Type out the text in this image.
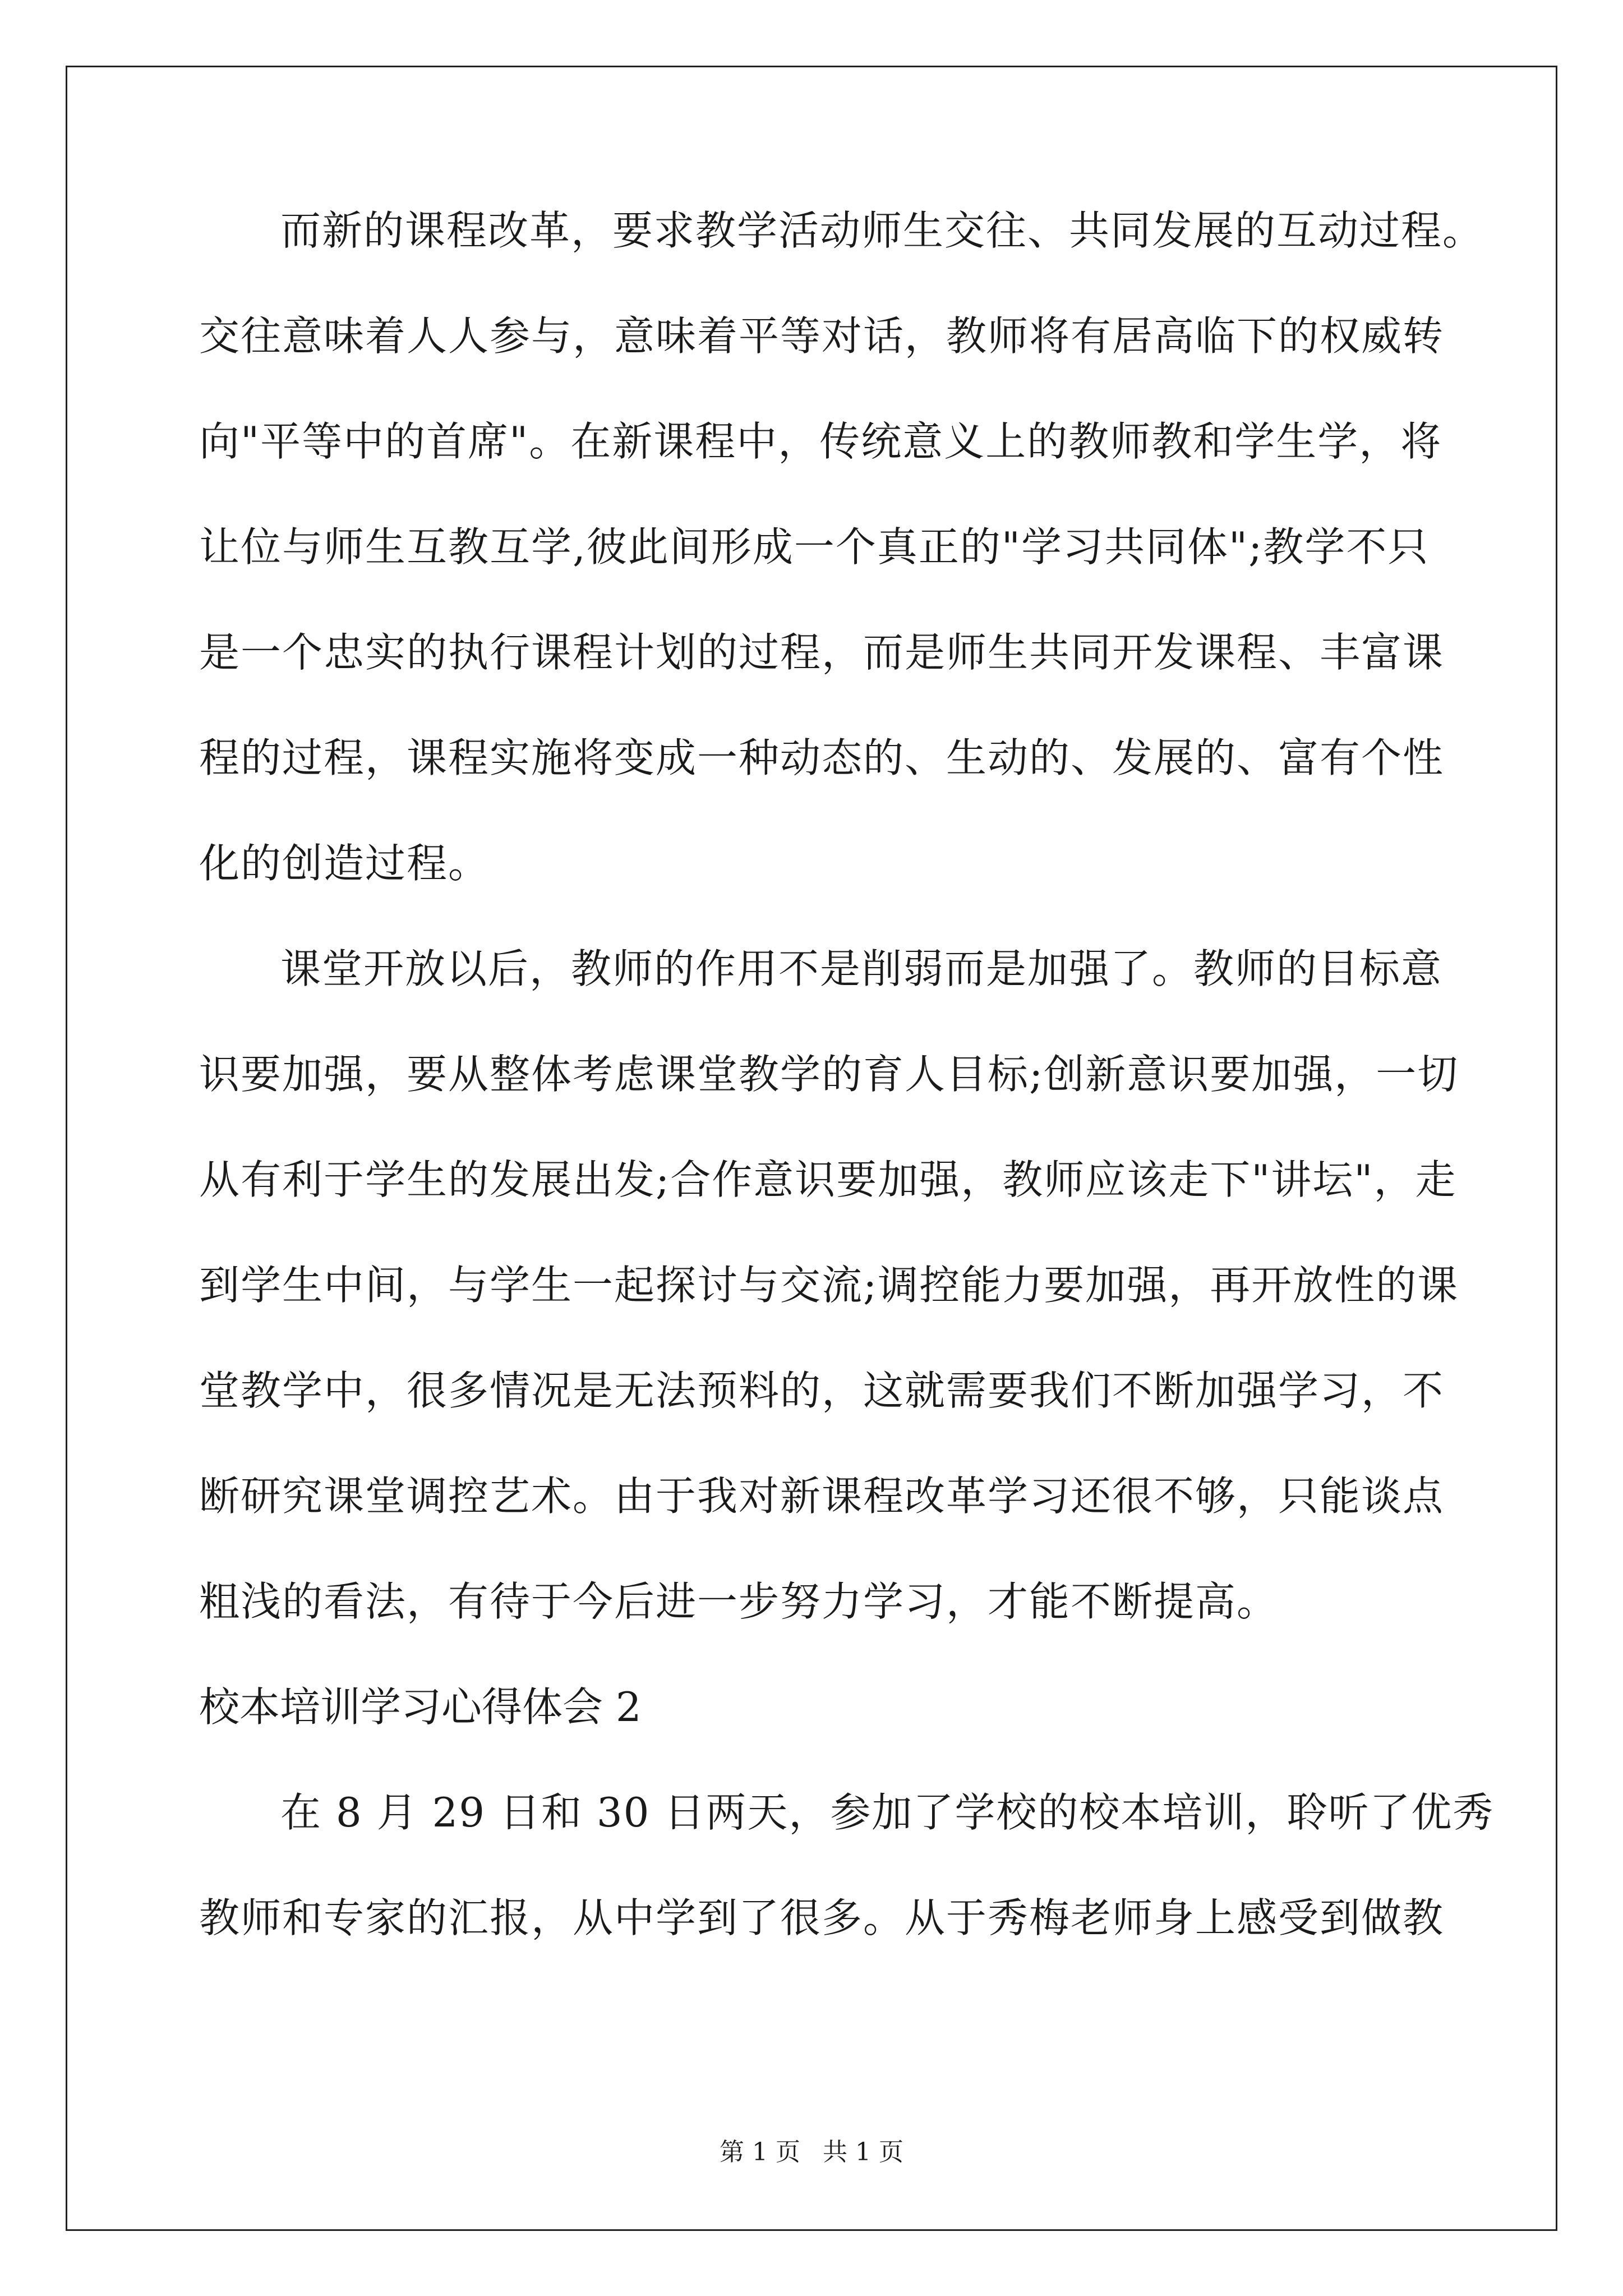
而新的课程改革，要求教学活动师生交往、共同发展的互动过程。
交往意味着人人参与，意味着平等对话，教师将有居高临下的权威转
向"平等中的首席"。在新课程中，传统意义上的教师教和学生学，将
让位与师生互教互学,彼此间形成一个真正的"学习共同体";教学不只
是一个忠实的执行课程计划的过程，而是师生共同开发课程、丰富课
程的过程，课程实施将变成一种动态的、生动的、发展的、富有个性
化的创造过程。
课堂开放以后，教师的作用不是削弱而是加强了。教师的目标意
识要加强，要从整体考虑课堂教学的育人目标;创新意识要加强，一切
从有利于学生的发展出发;合作意识要加强，教师应该走下"讲坛"，走
到学生中间，与学生一起探讨与交流;调控能力要加强，再开放性的课
堂教学中，很多情况是无法预料的，这就需要我们不断加强学习，不
断研究课堂调控艺术。由于我对新课程改革学习还很不够，只能谈点
粗浅的看法，有待于今后进一步努力学习，才能不断提高。
校本培训学习心得体会 2
在 8 月 29 日和 30 日两天，参加了学校的校本培训，聆听了优秀
教师和专家的汇报，从中学到了很多。从于秀梅老师身上感受到做教
第 1 页 共 1 页
